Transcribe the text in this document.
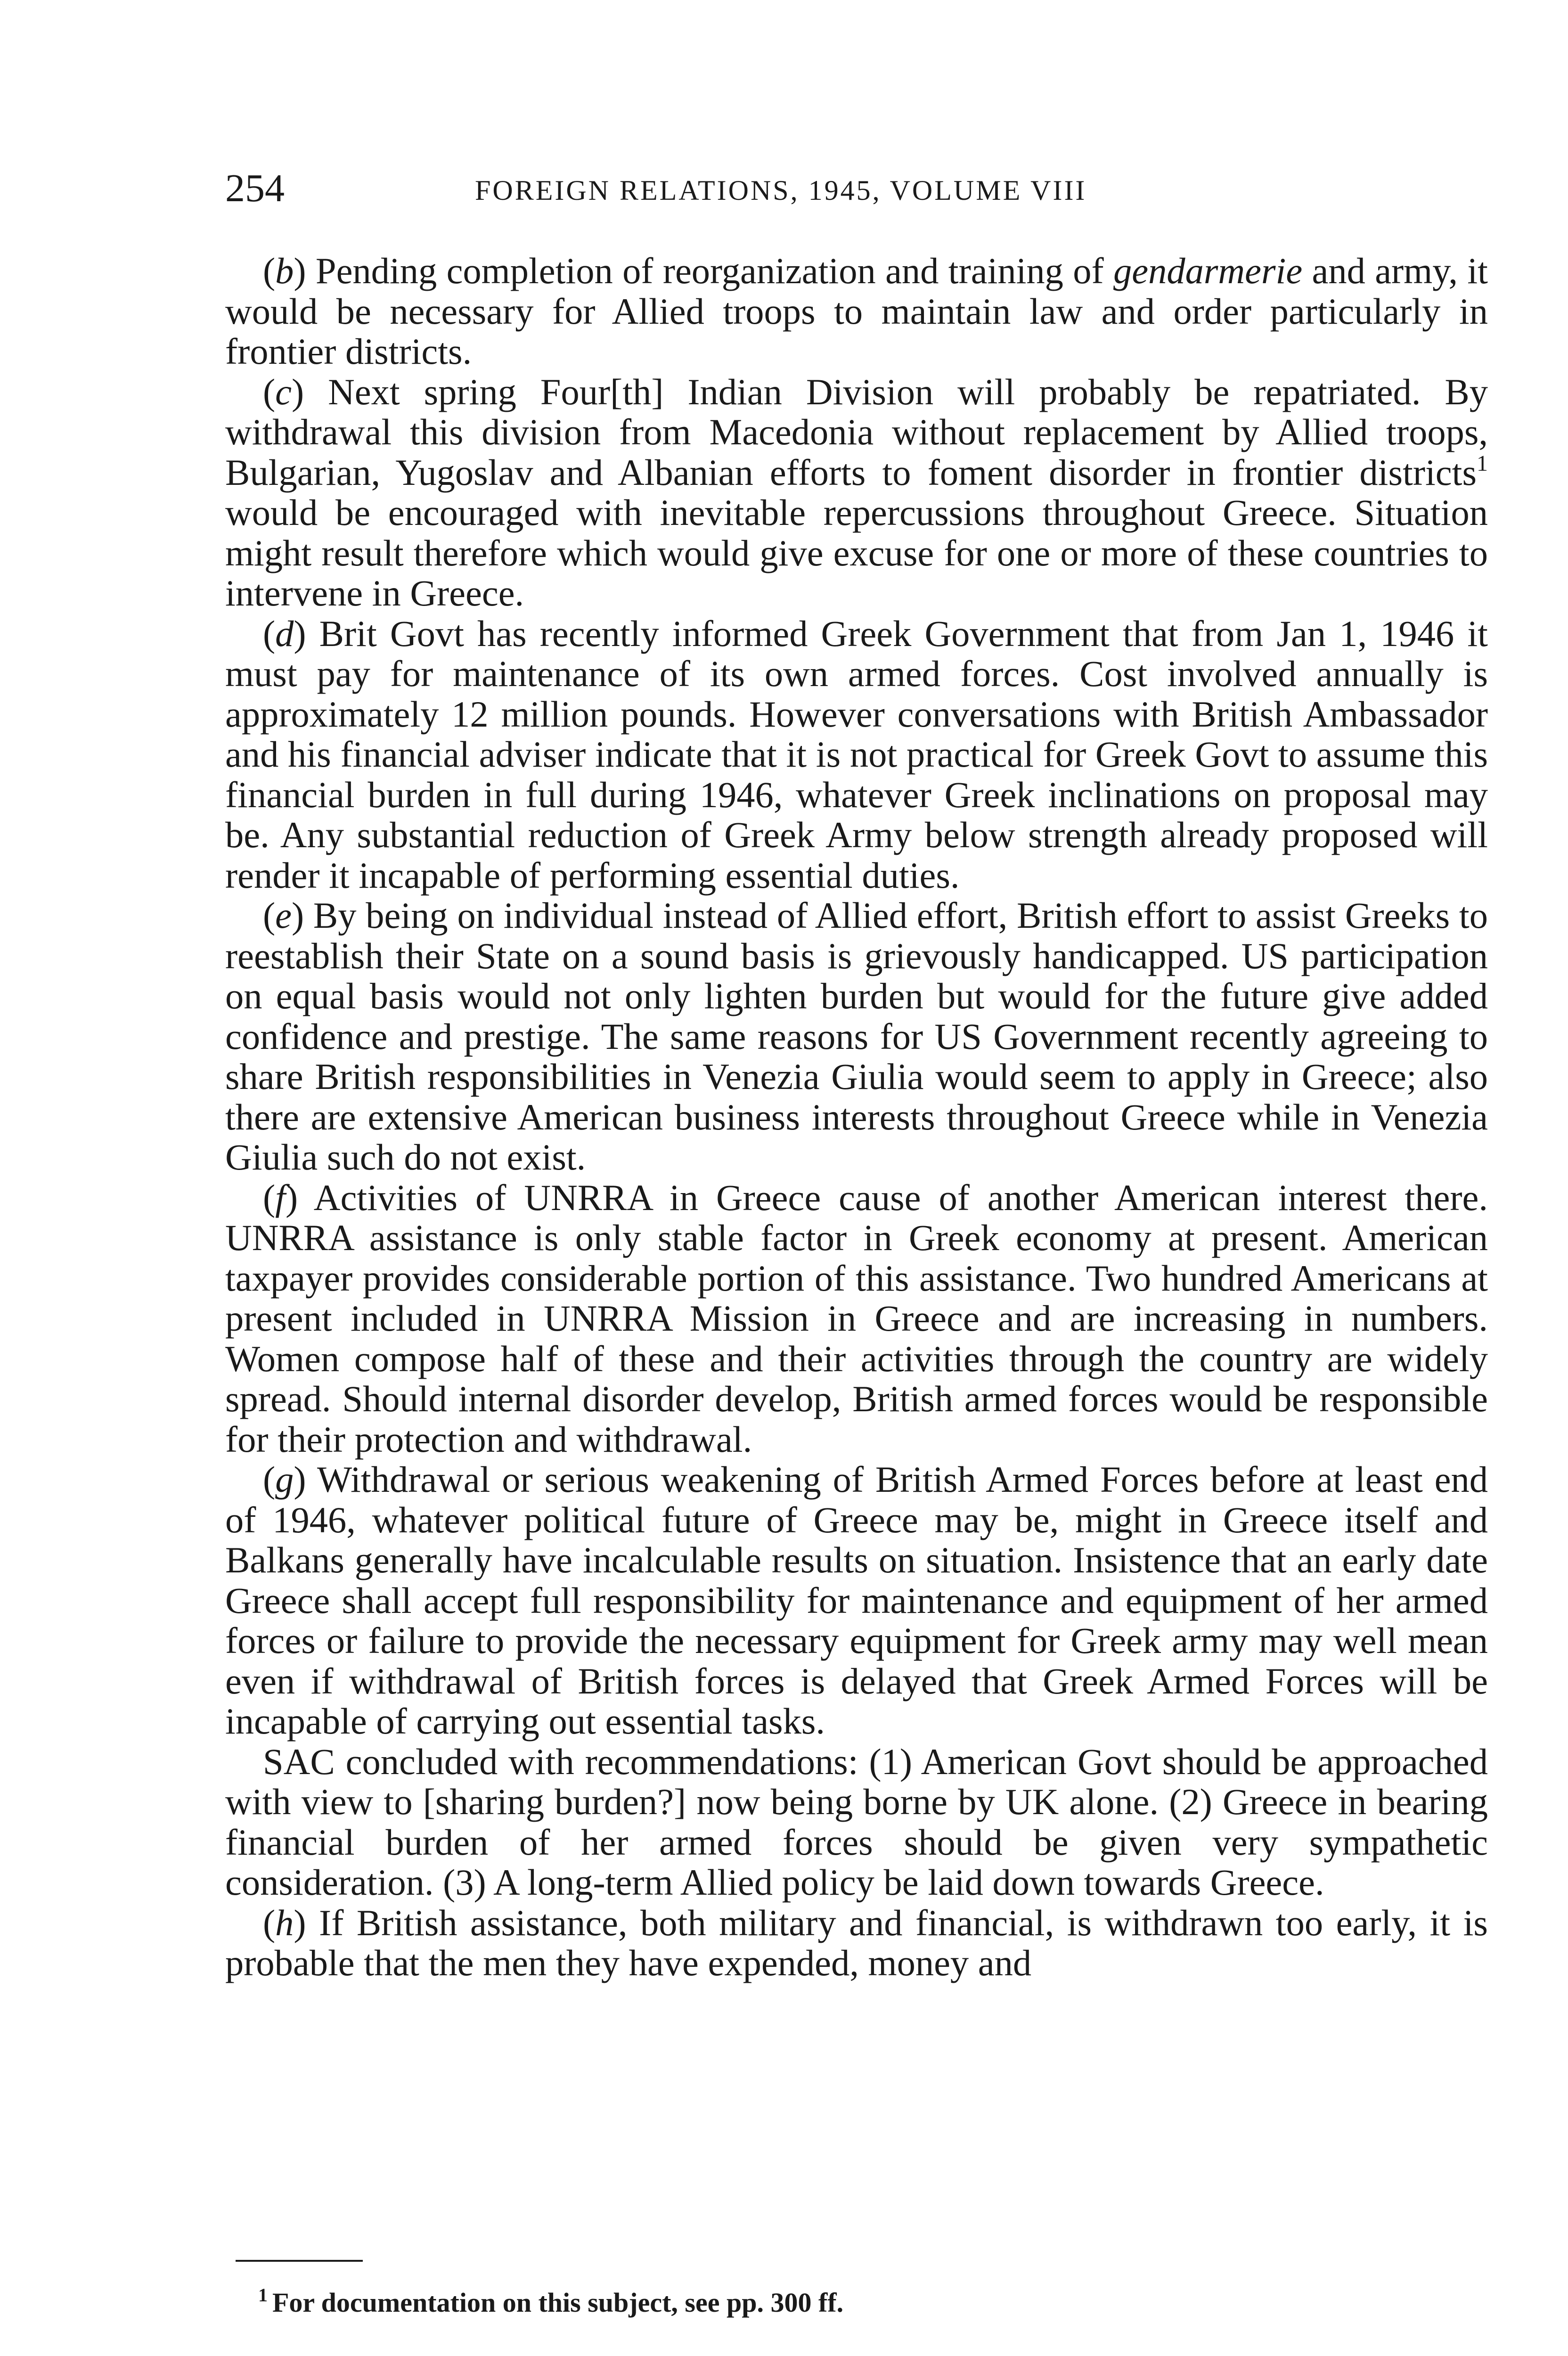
254	FOREIGN RELATIONS, 1945, VOLUME VIII

(b) Pending completion of reorganization and training of gendarmerie and army, it would be necessary for Allied troops to maintain law and order particularly in frontier districts.

(c) Next spring Four[th] Indian Division will probably be repatriated. By withdrawal this division from Macedonia without replacement by Allied troops, Bulgarian, Yugoslav and Albanian efforts to foment disorder in frontier districts$^1$ would be encouraged with inevitable repercussions throughout Greece. Situation might result therefore which would give excuse for one or more of these countries to intervene in Greece.

(d) Brit Govt has recently informed Greek Government that from Jan 1, 1946 it must pay for maintenance of its own armed forces. Cost involved annually is approximately 12 million pounds. However conversations with British Ambassador and his financial adviser indicate that it is not practical for Greek Govt to assume this financial burden in full during 1946, whatever Greek inclinations on proposal may be. Any substantial reduction of Greek Army below strength already proposed will render it incapable of performing essential duties.

(e) By being on individual instead of Allied effort, British effort to assist Greeks to reestablish their State on a sound basis is grievously handicapped. US participation on equal basis would not only lighten burden but would for the future give added confidence and prestige. The same reasons for US Government recently agreeing to share British responsibilities in Venezia Giulia would seem to apply in Greece; also there are extensive American business interests throughout Greece while in Venezia Giulia such do not exist.

(f) Activities of UNRRA in Greece cause of another American interest there. UNRRA assistance is only stable factor in Greek economy at present. American taxpayer provides considerable portion of this assistance. Two hundred Americans at present included in UNRRA Mission in Greece and are increasing in numbers. Women compose half of these and their activities through the country are widely spread. Should internal disorder develop, British armed forces would be responsible for their protection and withdrawal.

(g) Withdrawal or serious weakening of British Armed Forces before at least end of 1946, whatever political future of Greece may be, might in Greece itself and Balkans generally have incalculable results on situation. Insistence that an early date Greece shall accept full responsibility for maintenance and equipment of her armed forces or failure to provide the necessary equipment for Greek army may well mean even if withdrawal of British forces is delayed that Greek Armed Forces will be incapable of carrying out essential tasks.

SAC concluded with recommendations: (1) American Govt should be approached with view to [sharing burden?] now being borne by UK alone. (2) Greece in bearing financial burden of her armed forces should be given very sympathetic consideration. (3) A long-term Allied policy be laid down towards Greece.

(h) If British assistance, both military and financial, is withdrawn too early, it is probable that the men they have expended, money and

$^1$ For documentation on this subject, see pp. 300 ff.
